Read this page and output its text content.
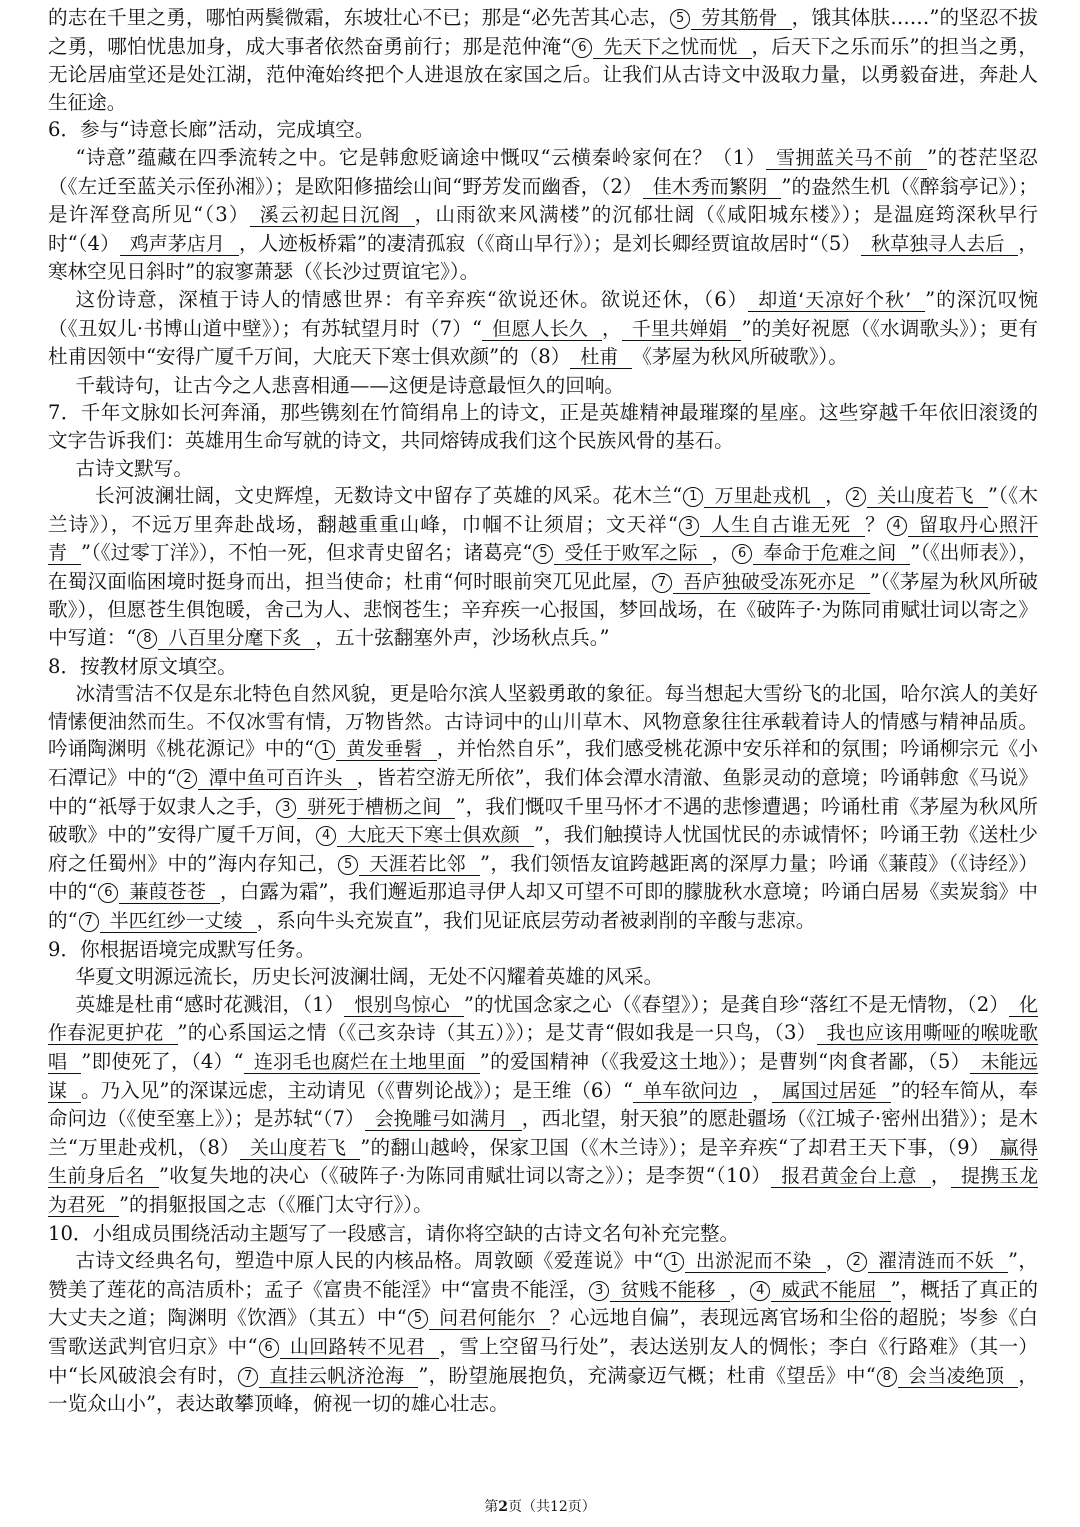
的志在千里之勇，哪怕两鬓微霜，东坡壮心不已；那是“必先苦其心志， 5 劳其筋骨 ，饿其体肤……”的坚忍不拔之勇，哪怕忧患加身，成大事者依然奋勇前行；那是范仲淹“ 6 先天下之忧而忧 ，后天下之乐而乐”的担当之勇，无论居庙堂还是处江湖，范仲淹始终把个人进退放在家国之后。让我们从古诗文中汲取力量，以勇毅奋进，奔赴人生征途。

6．参与“诗意长廊”活动，完成填空。

“诗意”蕴藏在四季流转之中。它是韩愈贬谪途中慨叹“云横秦岭家何在？（1） 雪拥蓝关马不前 ”的苍茫坚忍（《左迁至蓝关示侄孙湘》）；是欧阳修描绘山间“野芳发而幽香，（2） 佳木秀而繁阴 ”的盎然生机（《醉翁亭记》）；是许浑登高所见“（3） 溪云初起日沉阁 ，山雨欲来风满楼”的沉郁壮阔（《咸阳城东楼》）；是温庭筠深秋早行时“（4） 鸡声茅店月 ，人迹板桥霜”的凄清孤寂（《商山早行》）；是刘长卿经贾谊故居时“（5） 秋草独寻人去后 ，寒林空见日斜时”的寂寥萧瑟（《长沙过贾谊宅》）。

这份诗意，深植于诗人的情感世界：有辛弃疾“欲说还休。欲说还休，（6） 却道‘天凉好个秋’ ”的深沉叹惋（《丑奴儿·书博山道中壁》）；有苏轼望月时（7）“ 但愿人长久 ， 千里共婵娟 ”的美好祝愿（《水调歌头》）；更有杜甫因领中“安得广厦千万间，大庇天下寒士俱欢颜”的（8） 杜甫 《茅屋为秋风所破歌》）。

千载诗句，让古今之人悲喜相通——这便是诗意最恒久的回响。

7．千年文脉如长河奔涌，那些镌刻在竹简绢帛上的诗文，正是英雄精神最璀璨的星座。这些穿越千年依旧滚烫的文字告诉我们：英雄用生命写就的诗文，共同熔铸成我们这个民族风骨的基石。

古诗文默写。

长河波澜壮阔，文史辉煌，无数诗文中留存了英雄的风采。花木兰“ 1 万里赴戎机 ， 2 关山度若飞 ”（《木兰诗》），不远万里奔赴战场，翻越重重山峰，巾帼不让须眉；文天祥“ 3 人生自古谁无死 ？ 4 留取丹心照汗青 ”（《过零丁洋》），不怕一死，但求青史留名；诸葛亮“ 5 受任于败军之际 ， 6 奉命于危难之间 ”（《出师表》），在蜀汉面临困境时挺身而出，担当使命；杜甫“何时眼前突兀见此屋， 7 吾庐独破受冻死亦足 ”（《茅屋为秋风所破歌》），但愿苍生俱饱暖，舍己为人、悲悯苍生；辛弃疾一心报国，梦回战场，在《破阵子·为陈同甫赋壮词以寄之》中写道：“ 8 八百里分麾下炙 ，五十弦翻塞外声，沙场秋点兵。”

8．按教材原文填空。

冰清雪洁不仅是东北特色自然风貌，更是哈尔滨人坚毅勇敢的象征。每当想起大雪纷飞的北国，哈尔滨人的美好情愫便油然而生。不仅冰雪有情，万物皆然。古诗词中的山川草木、风物意象往往承载着诗人的情感与精神品质。吟诵陶渊明《桃花源记》中的“ 1 黄发垂髫 ，并怡然自乐”，我们感受桃花源中安乐祥和的氛围；吟诵柳宗元《小石潭记》中的“ 2 潭中鱼可百许头 ，皆若空游无所依”，我们体会潭水清澈、鱼影灵动的意境；吟诵韩愈《马说》中的“祇辱于奴隶人之手， 3 骈死于槽枥之间 ”，我们慨叹千里马怀才不遇的悲惨遭遇；吟诵杜甫《茅屋为秋风所破歌》中的”安得广厦千万间， 4 大庇天下寒士俱欢颜 ”，我们触摸诗人忧国忧民的赤诚情怀；吟诵王勃《送杜少府之任蜀州》中的”海内存知己， 5 天涯若比邻 ”，我们领悟友谊跨越距离的深厚力量；吟诵《蒹葭》（《诗经》）中的“ 6 蒹葭苍苍 ，白露为霜”，我们邂逅那追寻伊人却又可望不可即的朦胧秋水意境；吟诵白居易《卖炭翁》中的“ 7 半匹红纱一丈绫 ，系向牛头充炭直”，我们见证底层劳动者被剥削的辛酸与悲凉。

9．你根据语境完成默写任务。

华夏文明源远流长，历史长河波澜壮阔，无处不闪耀着英雄的风采。

英雄是杜甫“感时花溅泪，（1） 恨别鸟惊心 ”的忧国念家之心（《春望》）；是龚自珍“落红不是无情物，（2） 化作春泥更护花 ”的心系国运之情（《己亥杂诗（其五）》）；是艾青“假如我是一只鸟，（3） 我也应该用嘶哑的喉咙歌唱 ”即使死了，（4）“ 连羽毛也腐烂在土地里面 ”的爱国精神（《我爱这土地》）；是曹刿“肉食者鄙，（5） 未能远谋 。乃入见”的深谋远虑，主动请见（《曹刿论战》）；是王维（6）“ 单车欲问边 ， 属国过居延 ”的轻车简从，奉命问边（《使至塞上》）；是苏轼“（7） 会挽雕弓如满月 ，西北望，射天狼”的愿赴疆场（《江城子·密州出猎》）；是木兰“万里赴戎机，（8） 关山度若飞 ”的翻山越岭，保家卫国（《木兰诗》）；是辛弃疾“了却君王天下事，（9） 赢得生前身后名 ”收复失地的决心（《破阵子·为陈同甫赋壮词以寄之》）；是李贺“（10） 报君黄金台上意 ， 提携玉龙为君死 ”的捐躯报国之志（《雁门太守行》）。

10．小组成员围绕活动主题写了一段感言，请你将空缺的古诗文名句补充完整。

古诗文经典名句，塑造中原人民的内核品格。周敦颐《爱莲说》中“ 1 出淤泥而不染 ， 2 濯清涟而不妖 ”，赞美了莲花的高洁质朴；孟子《富贵不能淫》中“富贵不能淫， 3 贫贱不能移 ， 4 威武不能屈 ”，概括了真正的大丈夫之道；陶渊明《饮酒》（其五）中“ 5 问君何能尔 ？心远地自偏”，表现远离官场和尘俗的超脱；岑参《白雪歌送武判官归京》中“ 6 山回路转不见君 ，雪上空留马行处”，表达送别友人的惆怅；李白《行路难》（其一）中“长风破浪会有时， 7 直挂云帆济沧海 ”，盼望施展抱负，充满豪迈气概；杜甫《望岳》中“ 8 会当凌绝顶 ，一览众山小”，表达敢攀顶峰，俯视一切的雄心壮志。

第2页（共12页）
